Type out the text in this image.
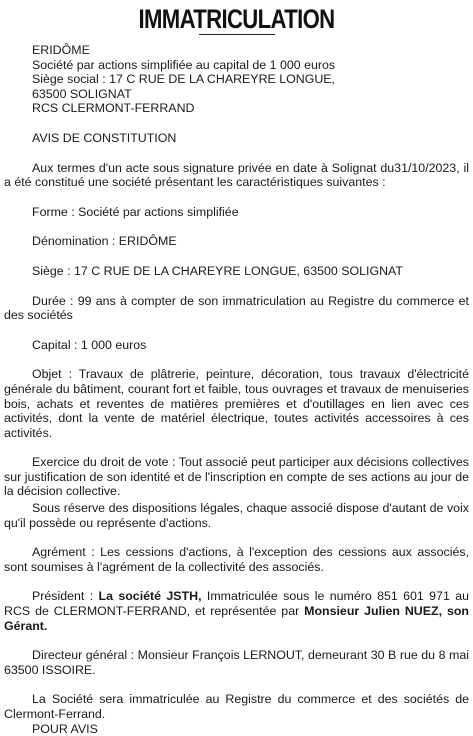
IMMATRICULATION
ERIDÔME
Société par actions simplifiée au capital de 1 000 euros
Siège social : 17 C RUE DE LA CHAREYRE LONGUE,
63500 SOLIGNAT
RCS CLERMONT-FERRAND

AVIS DE CONSTITUTION

Aux termes d'un acte sous signature privée en date à Solignat du31/10/2023, il a été constitué une société présentant les caractéristiques suivantes :

Forme : Société par actions simplifiée

Dénomination : ERIDÔME

Siège : 17 C RUE DE LA CHAREYRE LONGUE, 63500 SOLIGNAT

Durée : 99 ans à compter de son immatriculation au Registre du commerce et des sociétés

Capital : 1 000 euros

Objet : Travaux de plâtrerie, peinture, décoration, tous travaux d'électricité générale du bâtiment, courant fort et faible, tous ouvrages et travaux de menuiseries bois, achats et reventes de matières premières et d'outillages en lien avec ces activités, dont la vente de matériel électrique, toutes activités accessoires à ces activités.

Exercice du droit de vote : Tout associé peut participer aux décisions collectives sur justification de son identité et de l'inscription en compte de ses actions au jour de la décision collective.

Sous réserve des dispositions légales, chaque associé dispose d'autant de voix qu'il possède ou représente d'actions.

Agrément : Les cessions d'actions, à l'exception des cessions aux associés, sont soumises à l'agrément de la collectivité des associés.

Président : La société JSTH, Immatriculée sous le numéro 851 601 971 au RCS de CLERMONT-FERRAND, et représentée par Monsieur Julien NUEZ, son Gérant.

Directeur général : Monsieur François LERNOUT, demeurant 30 B rue du 8 mai 63500 ISSOIRE.

La Société sera immatriculée au Registre du commerce et des sociétés de Clermont-Ferrand.

POUR AVIS
